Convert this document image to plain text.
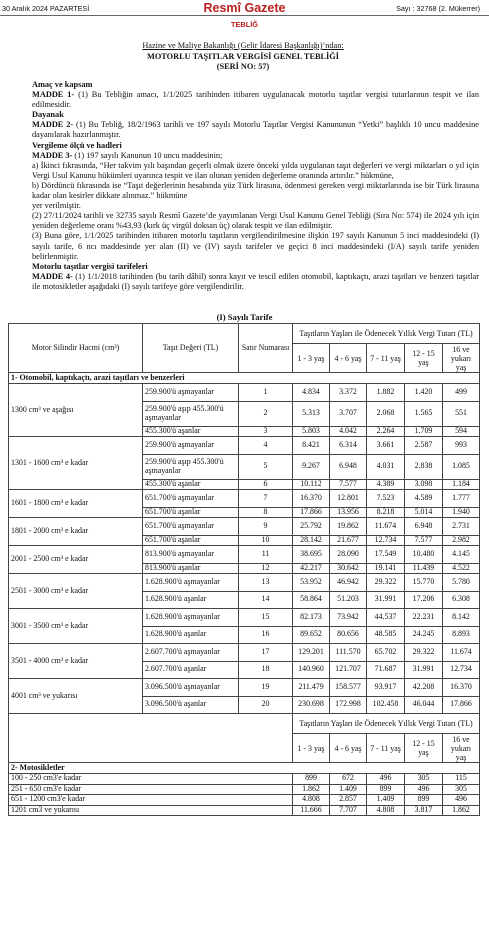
30 Aralık 2024 PAZARTESİ	Resmî Gazete	Sayı : 32768 (2. Mükerrer)
TEBLİĞ
Hazine ve Maliye Bakanlığı (Gelir İdaresi Başkanlığı)’ndan:
MOTORLU TAŞITLAR VERGİSİ GENEL TEBLİĞİ
(SERİ NO: 57)
Amaç ve kapsam
MADDE 1- (1) Bu Tebliğin amacı, 1/1/2025 tarihinden itibaren uygulanacak motorlu taşıtlar vergisi tutarlarının tespit ve ilan edilmesidir.
Dayanak
MADDE 2- (1) Bu Tebliğ, 18/2/1963 tarihli ve 197 sayılı Motorlu Taşıtlar Vergisi Kanununun “Yetki” başlıklı 10 uncu maddesine dayanılarak hazırlanmıştır.
Vergileme ölçü ve hadleri
MADDE 3- (1) 197 sayılı Kanunun 10 uncu maddesinin;
a) İkinci fıkrasında, “Her takvim yılı başından geçerli olmak üzere önceki yılda uygulanan taşıt değerleri ve vergi miktarları o yıl için Vergi Usul Kanunu hükümleri uyarınca tespit ve ilan olunan yeniden değerleme oranında artırılır.” hükmüne,
b) Dördüncü fıkrasında ise “Taşıt değerlerinin hesabında yüz Türk lirasına, ödenmesi gereken vergi miktarlarında ise bir Türk lirasına kadar olan kesirler dikkate alınmaz.” hükmüne
yer verilmiştir.
(2) 27/11/2024 tarihli ve 32735 sayılı Resmî Gazete’de yayımlanan Vergi Usul Kanunu Genel Tebliği (Sıra No: 574) ile 2024 yılı için yeniden değerleme oranı %43,93 (kırk üç virgül doksan üç) olarak tespit ve ilan edilmiştir.
(3) Buna göre, 1/1/2025 tarihinden itibaren motorlu taşıtların vergilendirilmesine ilişkin 197 sayılı Kanunun 5 inci maddesindeki (I) sayılı tarife, 6 ncı maddesinde yer alan (II) ve (IV) sayılı tarifeler ve geçici 8 inci maddesindeki (I/A) sayılı tarife yeniden belirlenmiştir.
Motorlu taşıtlar vergisi tarifeleri
MADDE 4- (1) 1/1/2018 tarihinden (bu tarih dâhil) sonra kayıt ve tescil edilen otomobil, kaptıkaçtı, arazi taşıtları ve benzeri taşıtlar ile motosikletler aşağıdaki (I) sayılı tarifeye göre vergilendirilir.
(I) Sayılı Tarife
Motor Silindir Hacmi (cm³)	Taşıt Değeri (TL)	Satır Numarası	Taşıtların Yaşları ile Ödenecek Yıllık Vergi Tutarı (TL)				
			1 - 3 yaş	4 - 6 yaş	7 - 11 yaş	12 - 15 yaş	16 ve yukarı yaş
1- Otomobil, kaptıkaçtı, arazi taşıtları ve benzerleri							
1300 cm³ ve aşağısı	259.900'ü aşmayanlar	1	4.834	3.372	1.882	1.420	499
	259.900'ü aşıp 455.300'ü aşmayanlar	2	5.313	3.707	2.068	1.565	551
	455.300'ü aşanlar	3	5.803	4.042	2.264	1.709	594
1301 - 1600 cm³ e kadar	259.900'ü aşmayanlar	4	8.421	6.314	3.661	2.587	993
	259.900'ü aşıp 455.300'ü aşmayanlar	5	9.267	6.948	4.031	2.838	1.085
	455.300'ü aşanlar	6	10.112	7.577	4.389	3.098	1.184
1601 - 1800 cm³ e kadar	651.700'ü aşmayanlar	7	16.370	12.801	7.523	4.589	1.777
	651.700'ü aşanlar	8	17.866	13.956	8.218	5.014	1.940
1801 - 2000 cm³ e kadar	651.700'ü aşmayanlar	9	25.792	19.862	11.674	6.948	2.731
	651.700'ü aşanlar	10	28.142	21.677	12.734	7.577	2.982
2001 - 2500 cm³ e kadar	813.900'ü aşmayanlar	11	38.695	28.090	17.549	10.480	4.145
	813.900'ü aşanlar	12	42.217	30.642	19.141	11.439	4.522
2501 - 3000 cm³ e kadar	1.628.900'ü aşmayanlar	13	53.952	46.942	29.322	15.770	5.780
	1.628.900'ü aşanlar	14	58.864	51.203	31.991	17.206	6.308
3001 - 3500 cm³ e kadar	1.628.900'ü aşmayanlar	15	82.173	73.942	44.537	22.231	8.142
	1.628.900'ü aşanlar	16	89.652	80.656	48.585	24.245	8.893
3501 - 4000 cm³ e kadar	2.607.700'ü aşmayanlar	17	129.201	111.570	65.702	29.322	11.674
	2.607.700'ü aşanlar	18	140.960	121.707	71.687	31.991	12.734
4001 cm³ ve yukarısı	3.096.500'ü aşmayanlar	19	211.479	158.577	93.917	42.208	16.370
	3.096.500'ü aşanlar	20	230.698	172.998	102.458	46.044	17.866
			Taşıtların Yaşları ile Ödenecek Yıllık Vergi Tutarı (TL)				
			1 - 3 yaş	4 - 6 yaş	7 - 11 yaş	12 - 15 yaş	16 ve yukarı yaş
2- Motosikletler							
100 - 250 cm3'e kadar			899	672	496	305	115
251 - 650 cm3'e kadar			1.862	1.409	899	496	305
651 - 1200 cm3'e kadar			4.808	2.857	1.409	899	496
1201 cm3 ve yukarısı			11.666	7.707	4.808	3.817	1.862
